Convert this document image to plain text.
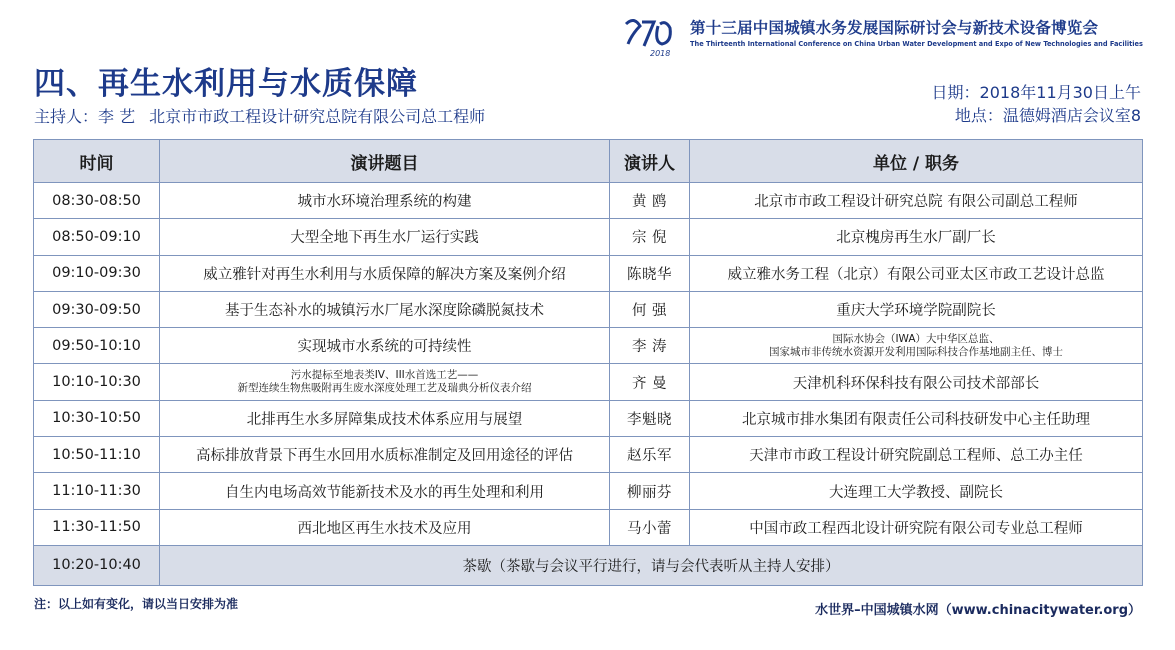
2018
第十三届中国城镇水务发展国际研讨会与新技术设备博览会
The Thirteenth International Conference on China Urban Water Development and Expo of New Technologies and Facilities
四、再生水利用与水质保障
主持人：李 艺 北京市市政工程设计研究总院有限公司总工程师
日期：2018年11月30日上午
地点：温德姆酒店会议室8
时间	演讲题目	演讲人	单位 / 职务
08:30-08:50	城市水环境治理系统的构建	黄 鸥	北京市市政工程设计研究总院 有限公司副总工程师
08:50-09:10	大型全地下再生水厂运行实践	宗 倪	北京槐房再生水厂副厂长
09:10-09:30	威立雅针对再生水利用与水质保障的解决方案及案例介绍	陈晓华	威立雅水务工程（北京）有限公司亚太区市政工艺设计总监
09:30-09:50	基于生态补水的城镇污水厂尾水深度除磷脱氮技术	何 强	重庆大学环境学院副院长
09:50-10:10	实现城市水系统的可持续性	李 涛	国际水协会（IWA）大中华区总监、
国家城市非传统水资源开发利用国际科技合作基地副主任、博士

10:10-10:30	污水提标至地表类IV、III水首选工艺——
新型连续生物焦吸附再生废水深度处理工艺及瑞典分析仪表介绍	齐 曼	天津机科环保科技有限公司技术部部长
10:30-10:50	北排再生水多屏障集成技术体系应用与展望	李魁晓	北京城市排水集团有限责任公司科技研发中心主任助理
10:50-11:10	高标排放背景下再生水回用水质标准制定及回用途径的评估	赵乐军	天津市市政工程设计研究院副总工程师、总工办主任
11:10-11:30	自生内电场高效节能新技术及水的再生处理和利用	柳丽芬	大连理工大学教授、副院长
11:30-11:50	西北地区再生水技术及应用	马小蕾	中国市政工程西北设计研究院有限公司专业总工程师
10:20-10:40	茶歇（茶歇与会议平行进行，请与会代表听从主持人安排）		
注：以上如有变化，请以当日安排为准	水世界–中国城镇水网（www.chinacitywater.org）
